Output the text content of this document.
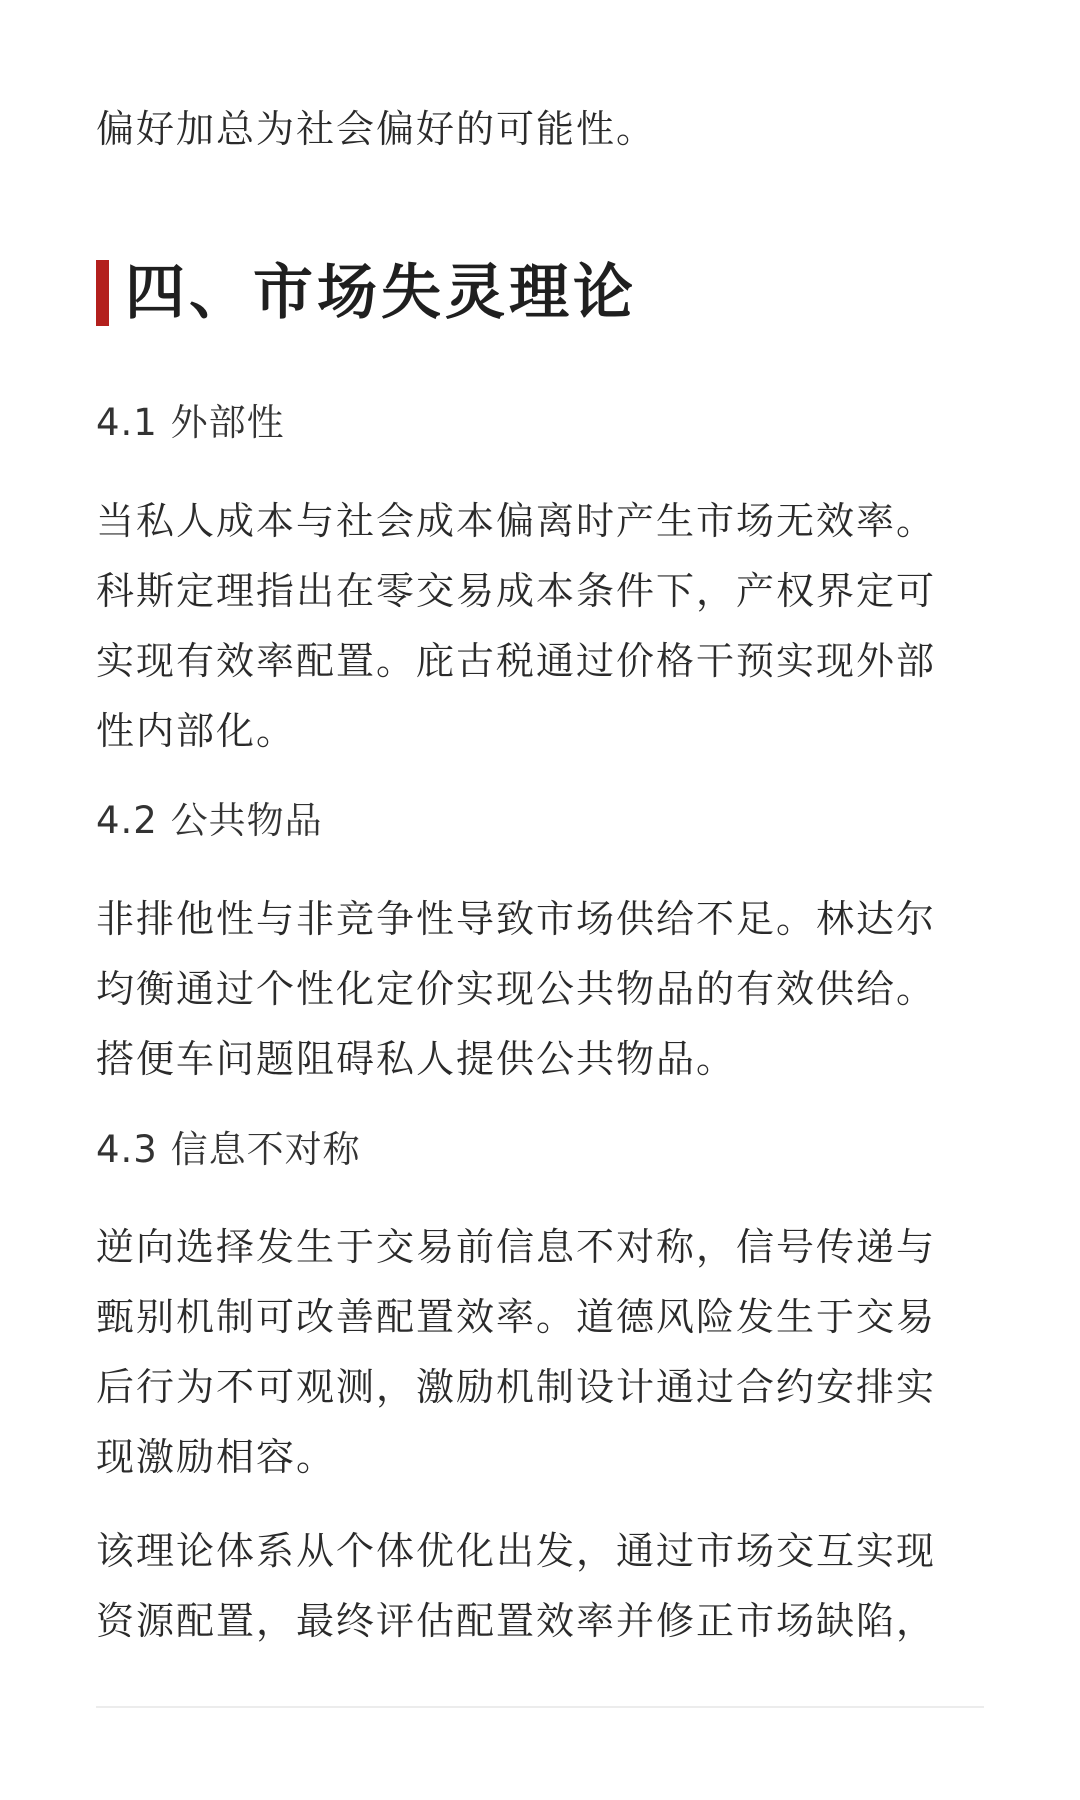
偏好加总为社会偏好的可能性。

四、市场失灵理论

4.1 外部性

当私人成本与社会成本偏离时产生市场无效率。

科斯定理指出在零交易成本条件下，产权界定可

实现有效率配置。庇古税通过价格干预实现外部

性内部化。

4.2 公共物品

非排他性与非竞争性导致市场供给不足。林达尔

均衡通过个性化定价实现公共物品的有效供给。

搭便车问题阻碍私人提供公共物品。

4.3 信息不对称

逆向选择发生于交易前信息不对称，信号传递与

甄别机制可改善配置效率。道德风险发生于交易

后行为不可观测，激励机制设计通过合约安排实

现激励相容。

该理论体系从个体优化出发，通过市场交互实现

资源配置，最终评估配置效率并修正市场缺陷，
